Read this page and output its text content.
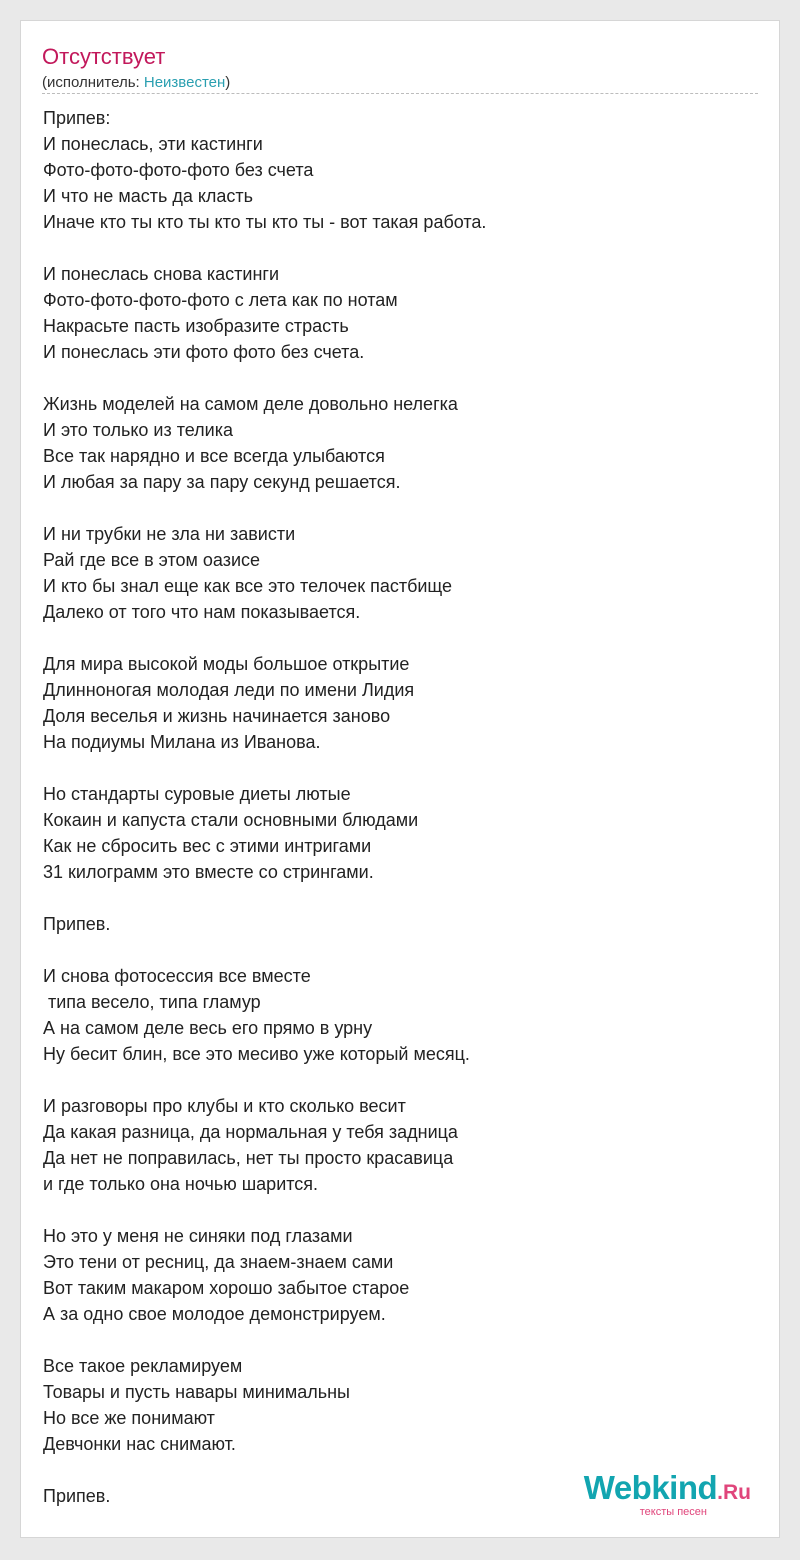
Отсутствует
(исполнитель: Неизвестен)
Припев:
И понеслась, эти кастинги
Фото-фото-фото-фото без счета
И что не масть да класть
Иначе кто ты кто ты кто ты кто ты - вот такая работа.
И понеслась снова кастинги
Фото-фото-фото-фото с лета как по нотам
Накрасьте пасть изобразите страсть
И понеслась эти фото фото без счета.
Жизнь моделей на самом деле довольно нелегка
И это только из телика
Все так нарядно и все всегда улыбаются
И любая за пару за пару секунд решается.
И ни трубки не зла ни зависти
Рай где все в этом оазисе
И кто бы знал еще как все это телочек пастбище
Далеко от того что нам показывается.
Для мира высокой моды большое открытие
Длинноногая молодая леди по имени Лидия
Доля веселья и жизнь начинается заново
На подиумы Милана из Иванова.
Но стандарты суровые диеты лютые
Кокаин и капуста стали основными блюдами
Как не сбросить вес с этими интригами
31 килограмм это вместе со стрингами.
Припев.
И снова фотосессия все вместе
типа весело, типа гламур
А на самом деле весь его прямо в урну
Ну бесит блин, все это месиво уже который месяц.
И разговоры про клубы и кто сколько весит
Да какая разница, да нормальная у тебя задница
Да нет не поправилась, нет ты просто красавица
и где только она ночью шарится.
Но это у меня не синяки под глазами
Это тени от ресниц, да знаем-знаем сами
Вот таким макаром хорошо забытое старое
А за одно свое молодое демонстрируем.
Все такое рекламируем
Товары и пусть навары минимальны
Но все же понимают
Девчонки нас снимают.
Припев.	Webkind.Ru
тексты песен
